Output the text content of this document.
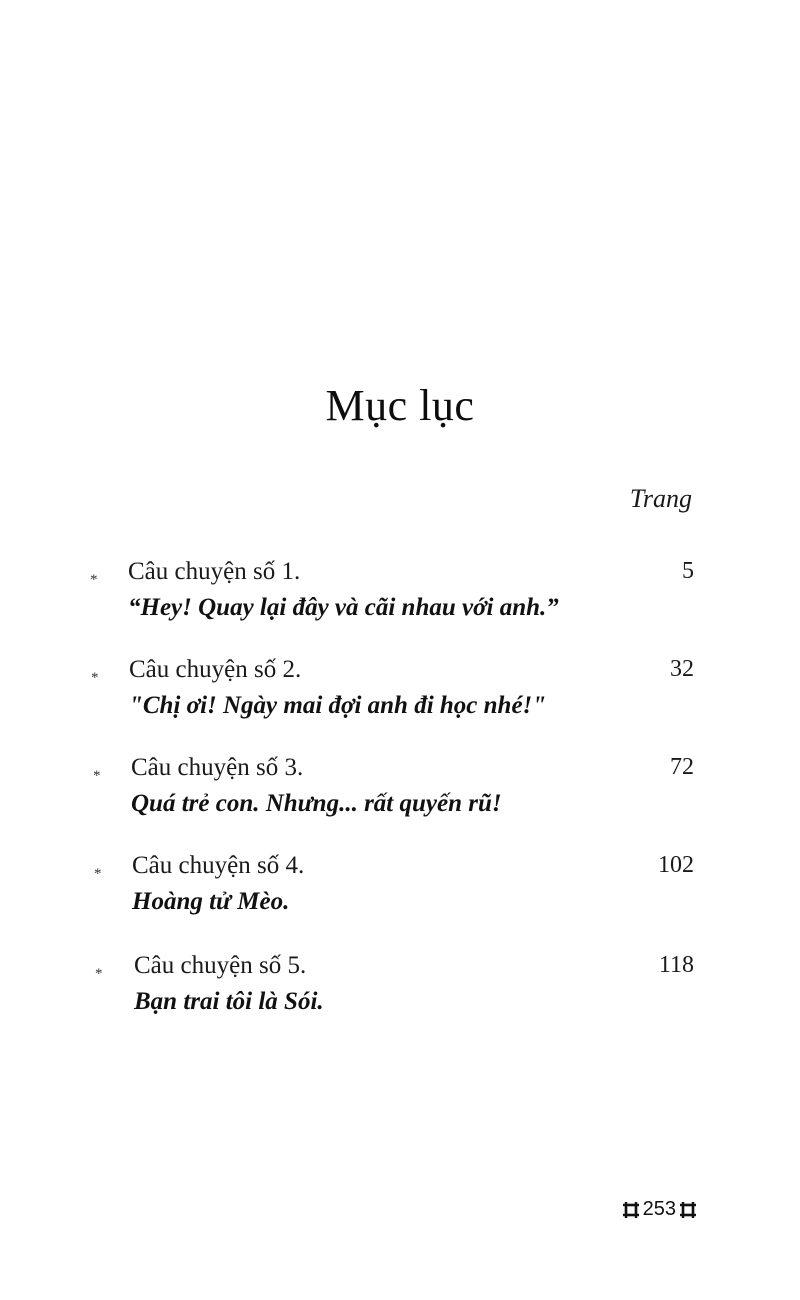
Mục lục
Trang
* Câu chuyện số 1.
“Hey! Quay lại đây và cãi nhau với anh.”
5
* Câu chuyện số 2.
"Chị ơi! Ngày mai đợi anh đi học nhé!"
32
* Câu chuyện số 3.
Quá trẻ con. Nhưng... rất quyến rũ!
72
* Câu chuyện số 4.
Hoàng tử Mèo.
102
* Câu chuyện số 5.
Bạn trai tôi là Sói.
118
253
